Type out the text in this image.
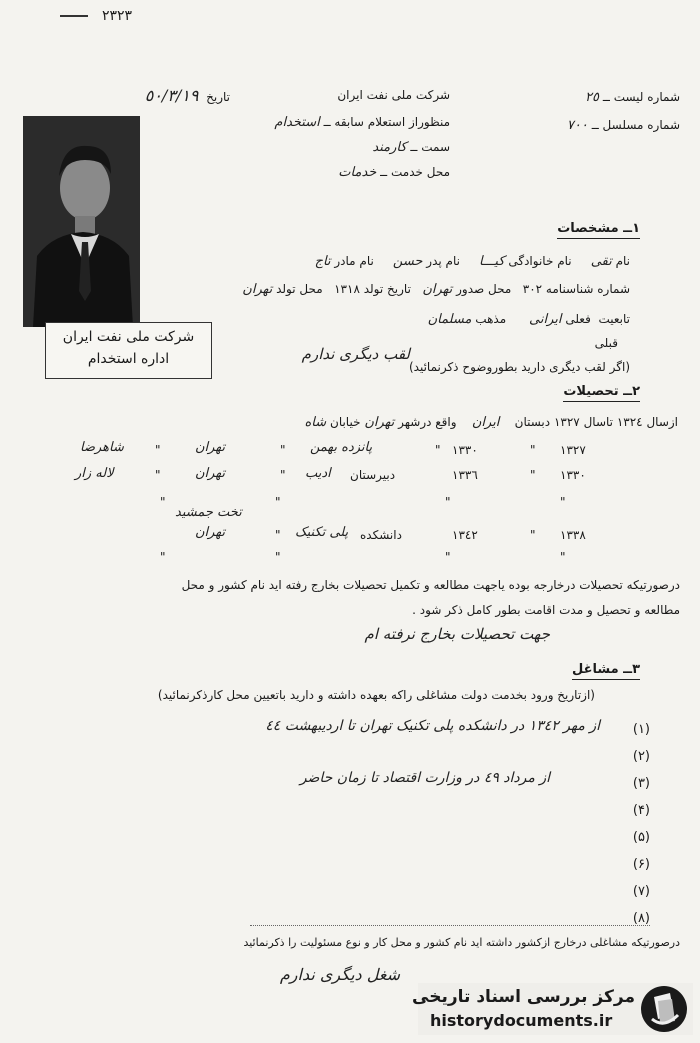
٢٣٢٣
شماره لیست ــ ٢٥
شماره مسلسل ــ ٧٠٠
شرکت ملی نفت ایران
تاریخ  ٥٠/٣/١٩
منظوراز استعلام سابقه ــ استخدام
سمت ــ کارمند
محل خدمت ــ خدمات
شرکت ملی نفت ایران
اداره استخدام
۱ــ مشخصات
نام تقی     نام خانوادگی کیـــا     نام پدر حسن     نام مادر تاج
شماره شناسنامه ٣٠٢   محل صدور تهران   تاریخ تولد ١٣١٨   محل تولد تهران
تابعیت  فعلی ایرانی      مذهب مسلمان
قبلی
لقب دیگری ندارم
(اگر لقب دیگری دارید بطوروضوح ذکرنمائید)
۲ــ تحصیلات
ازسال ١٣٢٤ تاسال ١٣٢٧ دبستان    ایران    واقع درشهر تهران خیابان شاه
١٣٢٧
"
١٣٣٠
"
پانزده بهمن
"
تهران
"
شاهرضا
١٣٣٠
"
١٣٣٦
دبیرستان
ادیب
"
تهران
"
لاله زار
"
"
"
"
تخت جمشید
١٣٣٨
"
١٣٤٢
دانشکده
پلی تکنیک
"
تهران
"
"
"
"
درصورتیکه تحصیلات درخارجه بوده یاجهت مطالعه و تکمیل تحصیلات بخارج رفته اید نام کشور و محل
مطالعه و تحصیل و مدت اقامت بطور کامل ذکر شود .
جهت تحصیلات بخارج نرفته ام
۳ــ مشاغل
(ازتاریخ ورود بخدمت دولت مشاغلی راکه بعهده داشته و دارید باتعیین محل کارذکرنمائید)
(۱)
از مهر ١٣٤٢ در دانشکده پلی تکنیک تهران تا اردیبهشت ٤٤
(۲)
(۳)
از مرداد ٤٩ در وزارت اقتصاد تا زمان حاضر
(۴)
(۵)
(۶)
(۷)
(۸)
درصورتیکه مشاغلی درخارج ازکشور داشته اید نام کشور و محل کار و نوع مسئولیت را ذکرنمائید
شغل دیگری ندارم
مرکز بررسی اسناد تاریخی
historydocuments.ir
